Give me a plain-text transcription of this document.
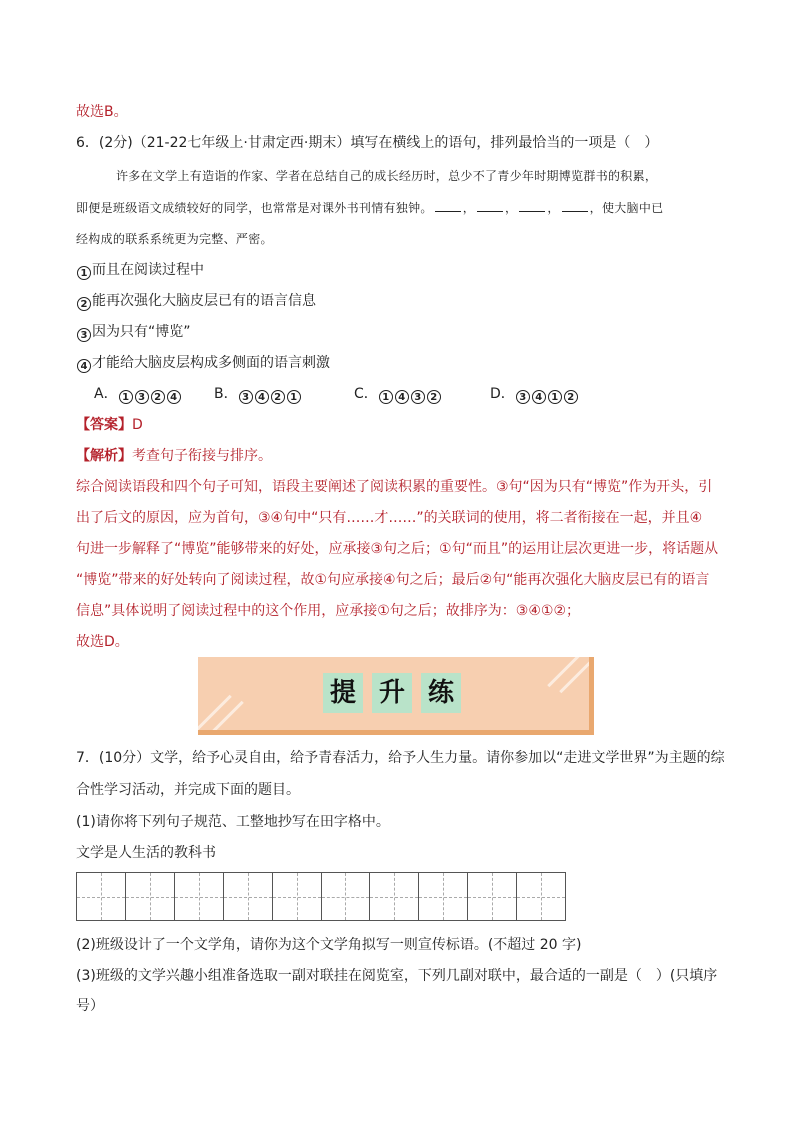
故选B。
6．(2分)（21-22七年级上·甘肃定西·期末）填写在横线上的语句，排列最恰当的一项是（　）
许多在文学上有造诣的作家、学者在总结自己的成长经历时，总少不了青少年时期博览群书的积累，
即便是班级语文成绩较好的同学，也常常是对课外书刊情有独钟。	，	，	，	，使大脑中已
经构成的联系系统更为完整、严密。
1 而且在阅读过程中
2 能再次强化大脑皮层已有的语言信息
3 因为只有“博览”
4 才能给大脑皮层构成多侧面的语言刺激
A． 1 3 2 4	B． 3 4 2 1	C． 1 4 3 2	D． 3 4 1 2
【答案】D
【解析】考查句子衔接与排序。
综合阅读语段和四个句子可知，语段主要阐述了阅读积累的重要性。③句“因为只有“博览”作为开头，引
出了后文的原因，应为首句，③④句中“只有……才……”的关联词的使用，将二者衔接在一起，并且④
句进一步解释了“博览”能够带来的好处，应承接③句之后；①句“而且”的运用让层次更进一步，将话题从
“博览”带来的好处转向了阅读过程，故①句应承接④句之后；最后②句“能再次强化大脑皮层已有的语言
信息”具体说明了阅读过程中的这个作用，应承接①句之后；故排序为：③④①②；
故选D。
提 升 练
7．(10分）文学，给予心灵自由，给予青春活力，给予人生力量。请你参加以“走进文学世界”为主题的综
合性学习活动，并完成下面的题目。
(1)请你将下列句子规范、工整地抄写在田字格中。
文学是人生活的教科书
(2)班级设计了一个文学角，请你为这个文学角拟写一则宣传标语。(不超过 20 字)
(3)班级的文学兴趣小组准备选取一副对联挂在阅览室，下列几副对联中，最合适的一副是（　）(只填序
号）
